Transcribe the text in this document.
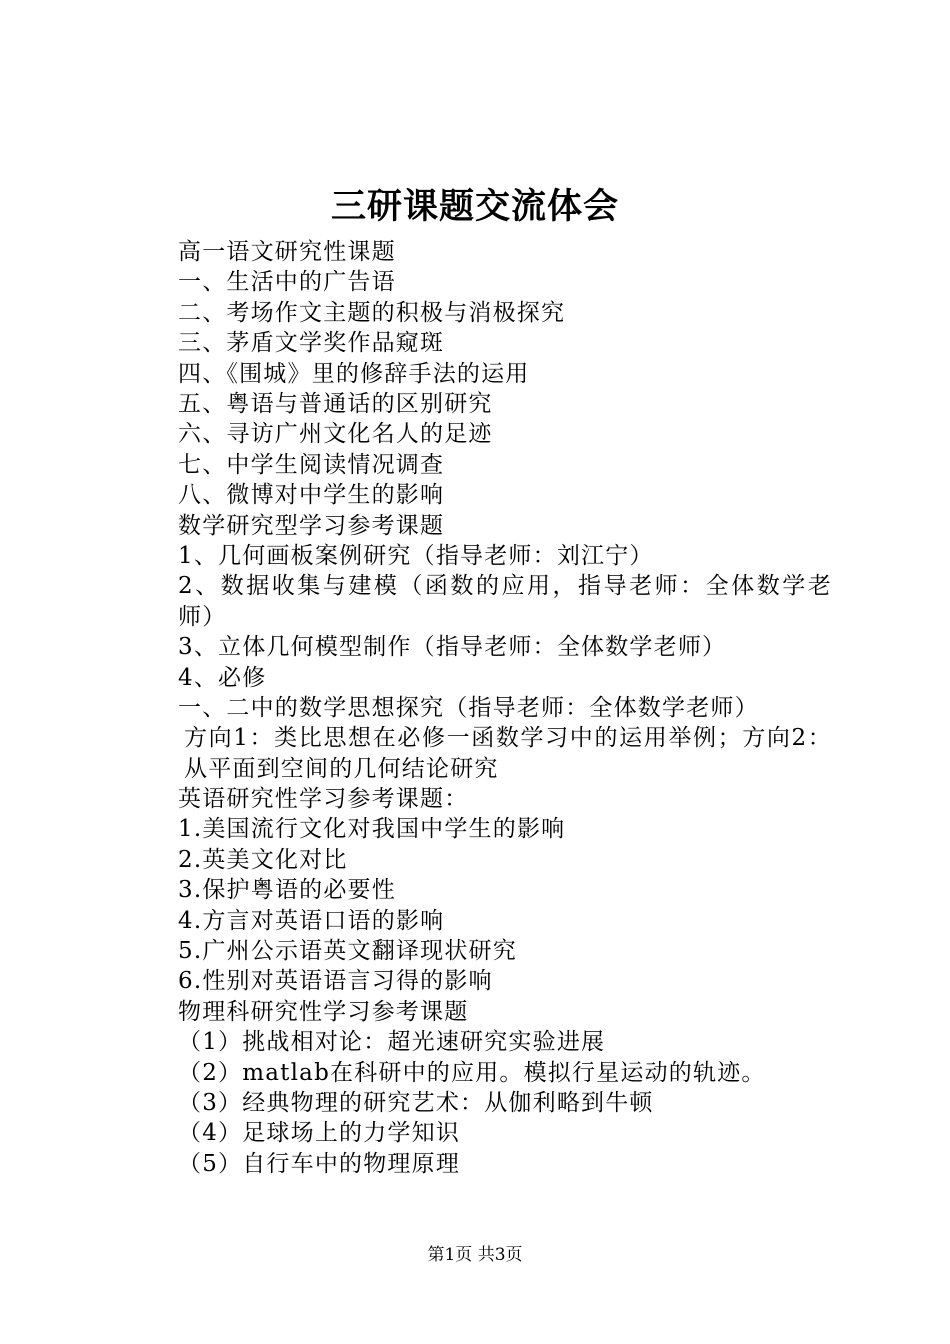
三研课题交流体会
高一语文研究性课题
一、生活中的广告语
二、考场作文主题的积极与消极探究
三、茅盾文学奖作品窥斑
四、《围城》里的修辞手法的运用
五、粤语与普通话的区别研究
六、寻访广州文化名人的足迹
七、中学生阅读情况调查
八、微博对中学生的影响
数学研究型学习参考课题
1、几何画板案例研究（指导老师：刘江宁）
2、数据收集与建模（函数的应用，指导老师：全体数学老师）
3、立体几何模型制作（指导老师：全体数学老师）
4、必修
一、二中的数学思想探究（指导老师：全体数学老师）
方向1：类比思想在必修一函数学习中的运用举例；方向2：从平面到空间的几何结论研究
英语研究性学习参考课题：
1.美国流行文化对我国中学生的影响
2.英美文化对比
3.保护粤语的必要性
4.方言对英语口语的影响
5.广州公示语英文翻译现状研究
6.性别对英语语言习得的影响
物理科研究性学习参考课题
（1）挑战相对论：超光速研究实验进展
（2）matlab在科研中的应用。模拟行星运动的轨迹。
（3）经典物理的研究艺术：从伽利略到牛顿
（4）足球场上的力学知识
（5）自行车中的物理原理
第1页 共3页
